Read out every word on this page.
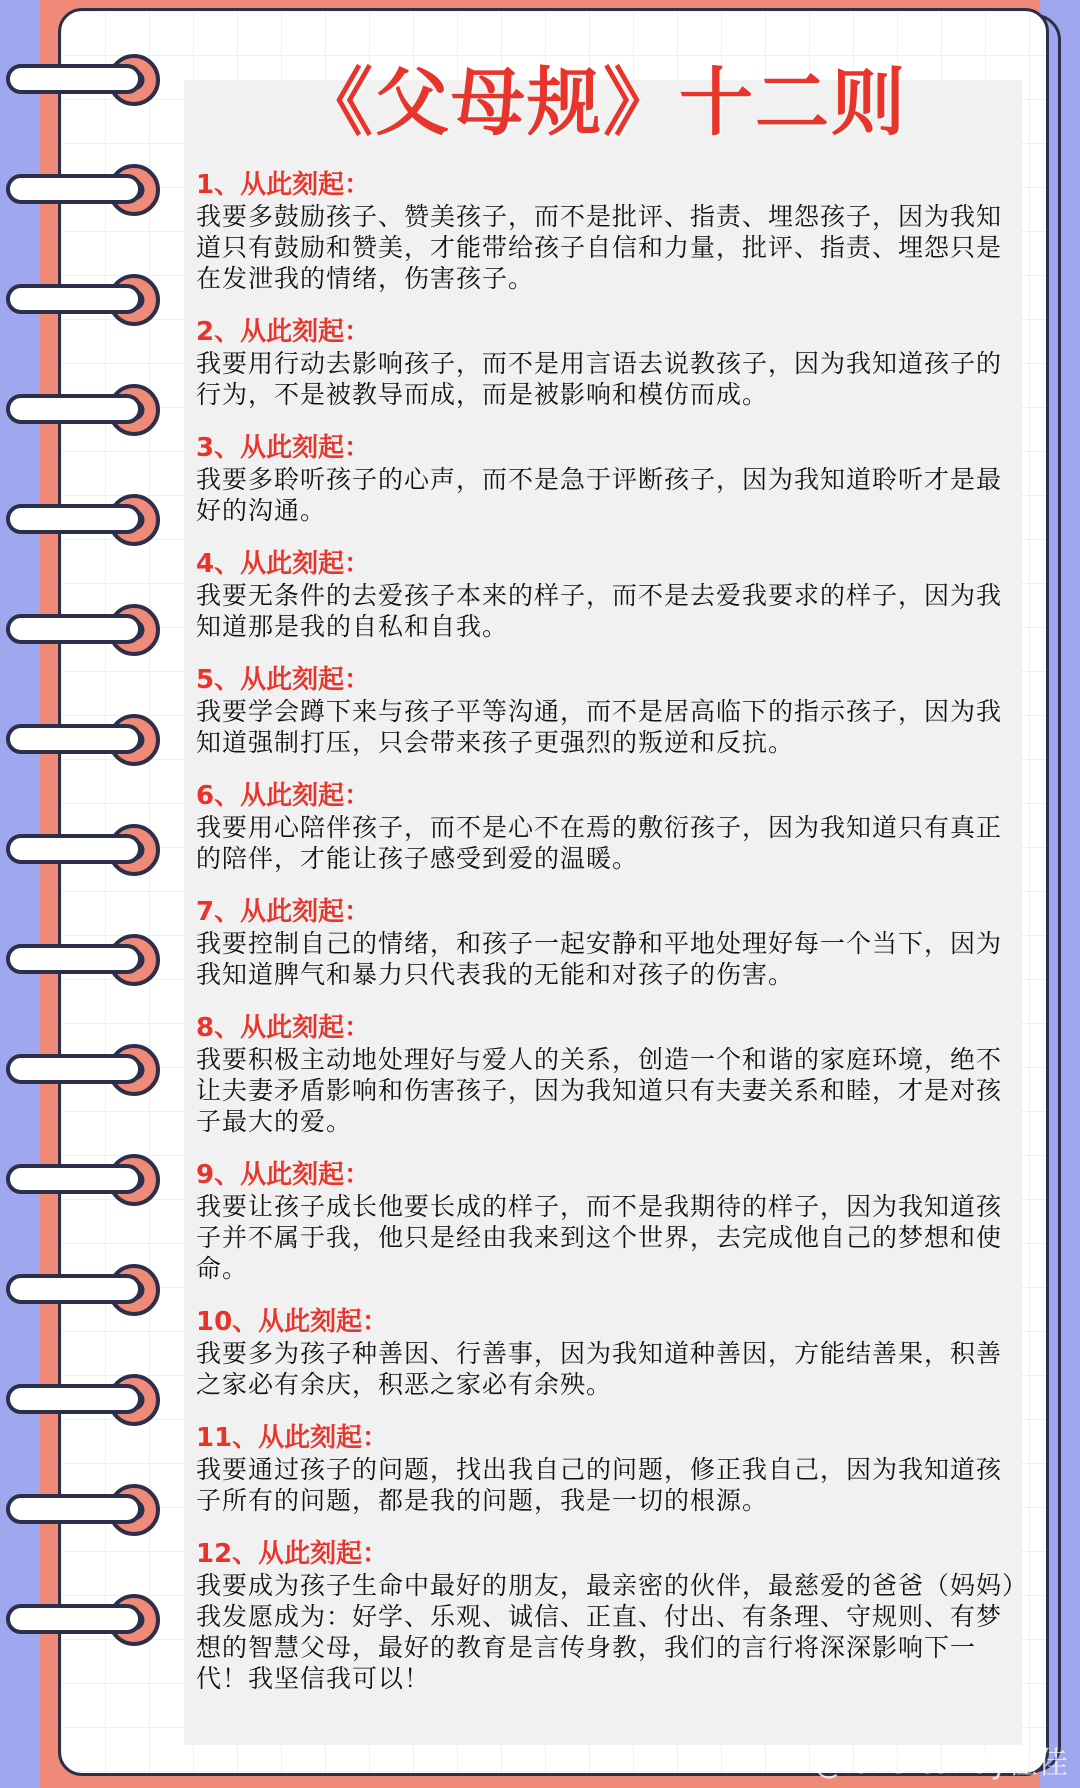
《父母规》十二则
1、从此刻起：
我要多鼓励孩子、赞美孩子，而不是批评、指责、埋怨孩子，因为我知道只有鼓励和赞美，才能带给孩子自信和力量，批评、指责、埋怨只是在发泄我的情绪，伤害孩子。
2、从此刻起：
我要用行动去影响孩子，而不是用言语去说教孩子，因为我知道孩子的行为，不是被教导而成，而是被影响和模仿而成。
3、从此刻起：
我要多聆听孩子的心声，而不是急于评断孩子，因为我知道聆听才是最好的沟通。
4、从此刻起：
我要无条件的去爱孩子本来的样子，而不是去爱我要求的样子，因为我知道那是我的自私和自我。
5、从此刻起：
我要学会蹲下来与孩子平等沟通，而不是居高临下的指示孩子，因为我知道强制打压，只会带来孩子更强烈的叛逆和反抗。
6、从此刻起：
我要用心陪伴孩子，而不是心不在焉的敷衍孩子，因为我知道只有真正的陪伴，才能让孩子感受到爱的温暖。
7、从此刻起：
我要控制自己的情绪，和孩子一起安静和平地处理好每一个当下，因为我知道脾气和暴力只代表我的无能和对孩子的伤害。
8、从此刻起：
我要积极主动地处理好与爱人的关系，创造一个和谐的家庭环境，绝不让夫妻矛盾影响和伤害孩子，因为我知道只有夫妻关系和睦，才是对孩子最大的爱。
9、从此刻起：
我要让孩子成长他要长成的样子，而不是我期待的样子，因为我知道孩子并不属于我，他只是经由我来到这个世界，去完成他自己的梦想和使命。
10、从此刻起：
我要多为孩子种善因、行善事，因为我知道种善因，方能结善果，积善之家必有余庆，积恶之家必有余殃。
11、从此刻起：
我要通过孩子的问题，找出我自己的问题，修正我自己，因为我知道孩子所有的问题，都是我的问题，我是一切的根源。
12、从此刻起：
我要成为孩子生命中最好的朋友，最亲密的伙伴，最慈爱的爸爸（妈妈）我发愿成为：好学、乐观、诚信、正直、付出、有条理、守规则、有梦想的智慧父母，最好的教育是言传身教，我们的言行将深深影响下一代！我坚信我可以！
@love-candy佳佳
